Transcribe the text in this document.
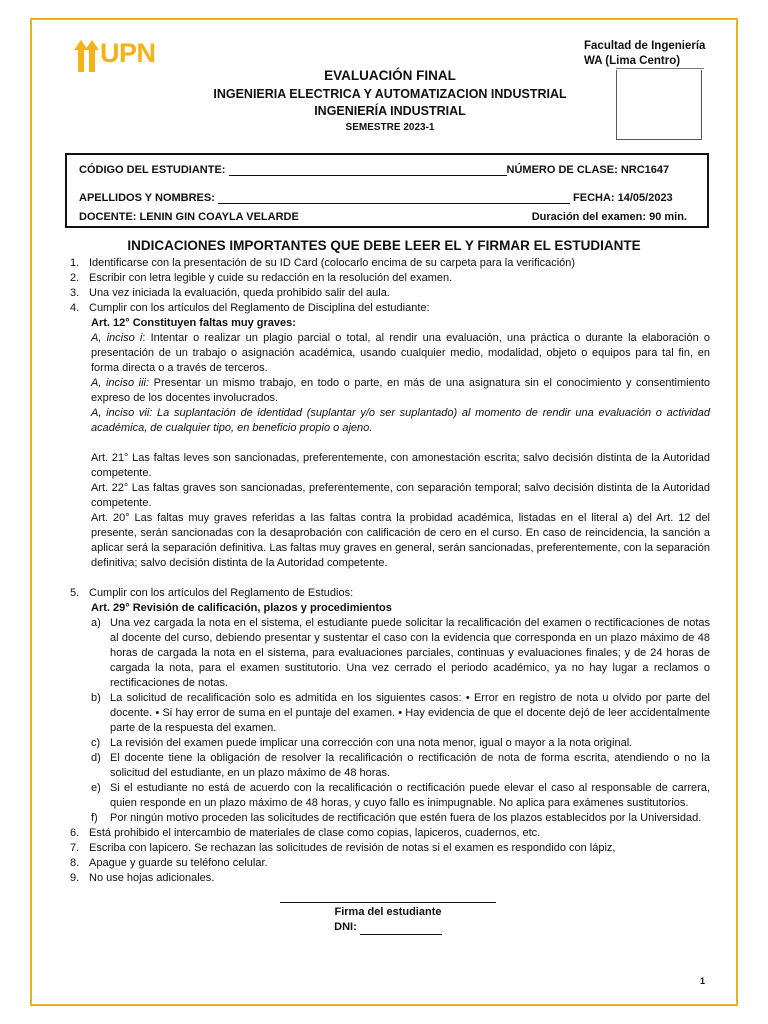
UPN	Facultad de Ingeniería
WA (Lima Centro)
EVALUACIÓN FINAL
INGENIERIA ELECTRICA Y AUTOMATIZACION INDUSTRIAL
INGENIERÍA INDUSTRIAL
SEMESTRE 2023-1
CÓDIGO DEL ESTUDIANTE:	NÚMERO DE CLASE: NRC1647
APELLIDOS Y NOMBRES:	FECHA: 14/05/2023
DOCENTE: LENIN GIN COAYLA VELARDE	Duración del examen: 90 min.
INDICACIONES IMPORTANTES QUE DEBE LEER EL Y FIRMAR EL ESTUDIANTE
1. Identificarse con la presentación de su ID Card (colocarlo encima de su carpeta para la verificación)
2. Escribir con letra legible y cuide su redacción en la resolución del examen.
3. Una vez iniciada la evaluación, queda prohibido salir del aula.
4. Cumplir con los artículos del Reglamento de Disciplina del estudiante:
Art. 12° Constituyen faltas muy graves:
A, inciso i: Intentar o realizar un plagio parcial o total, al rendir una evaluación, una práctica o durante la elaboración o presentación de un trabajo o asignación académica, usando cualquier medio, modalidad, objeto o equipos para tal fin, en forma directa o a través de terceros.
A, inciso iii: Presentar un mismo trabajo, en todo o parte, en más de una asignatura sin el conocimiento y consentimiento expreso de los docentes involucrados.
A, inciso vii: La suplantación de identidad (suplantar y/o ser suplantado) al momento de rendir una evaluación o actividad académica, de cualquier tipo, en beneficio propio o ajeno.
Art. 21° Las faltas leves son sancionadas, preferentemente, con amonestación escrita; salvo decisión distinta de la Autoridad competente.
Art. 22° Las faltas graves son sancionadas, preferentemente, con separación temporal; salvo decisión distinta de la Autoridad competente.
Art. 20° Las faltas muy graves referidas a las faltas contra la probidad académica, listadas en el literal a) del Art. 12 del presente, serán sancionadas con la desaprobación con calificación de cero en el curso. En caso de reincidencia, la sanción a aplicar será la separación definitiva. Las faltas muy graves en general, serán sancionadas, preferentemente, con la separación definitiva; salvo decisión distinta de la Autoridad competente.
5. Cumplir con los artículos del Reglamento de Estudios:
Art. 29° Revisión de calificación, plazos y procedimientos
a) Una vez cargada la nota en el sistema, el estudiante puede solicitar la recalificación del examen o rectificaciones de notas al docente del curso, debiendo presentar y sustentar el caso con la evidencia que corresponda en un plazo máximo de 48 horas de cargada la nota en el sistema, para evaluaciones parciales, continuas y evaluaciones finales; y de 24 horas de cargada la nota, para el examen sustitutorio. Una vez cerrado el periodo académico, ya no hay lugar a reclamos o rectificaciones de notas.
b) La solicitud de recalificación solo es admitida en los siguientes casos: • Error en registro de nota u olvido por parte del docente. • Si hay error de suma en el puntaje del examen. • Hay evidencia de que el docente dejó de leer accidentalmente parte de la respuesta del examen.
c) La revisión del examen puede implicar una corrección con una nota menor, igual o mayor a la nota original.
d) El docente tiene la obligación de resolver la recalificación o rectificación de nota de forma escrita, atendiendo o no la solicitud del estudiante, en un plazo máximo de 48 horas.
e) Si el estudiante no está de acuerdo con la recalificación o rectificación puede elevar el caso al responsable de carrera, quien responde en un plazo máximo de 48 horas, y cuyo fallo es inimpugnable. No aplica para exámenes sustitutorios.
f) Por ningún motivo proceden las solicitudes de rectificación que estén fuera de los plazos establecidos por la Universidad.
6. Está prohibido el intercambio de materiales de clase como copias, lapiceros, cuadernos, etc.
7. Escriba con lapicero. Se rechazan las solicitudes de revisión de notas si el examen es respondido con lápiz,
8. Apague y guarde su teléfono celular.
9. No use hojas adicionales.
Firma del estudiante
DNI:
1
